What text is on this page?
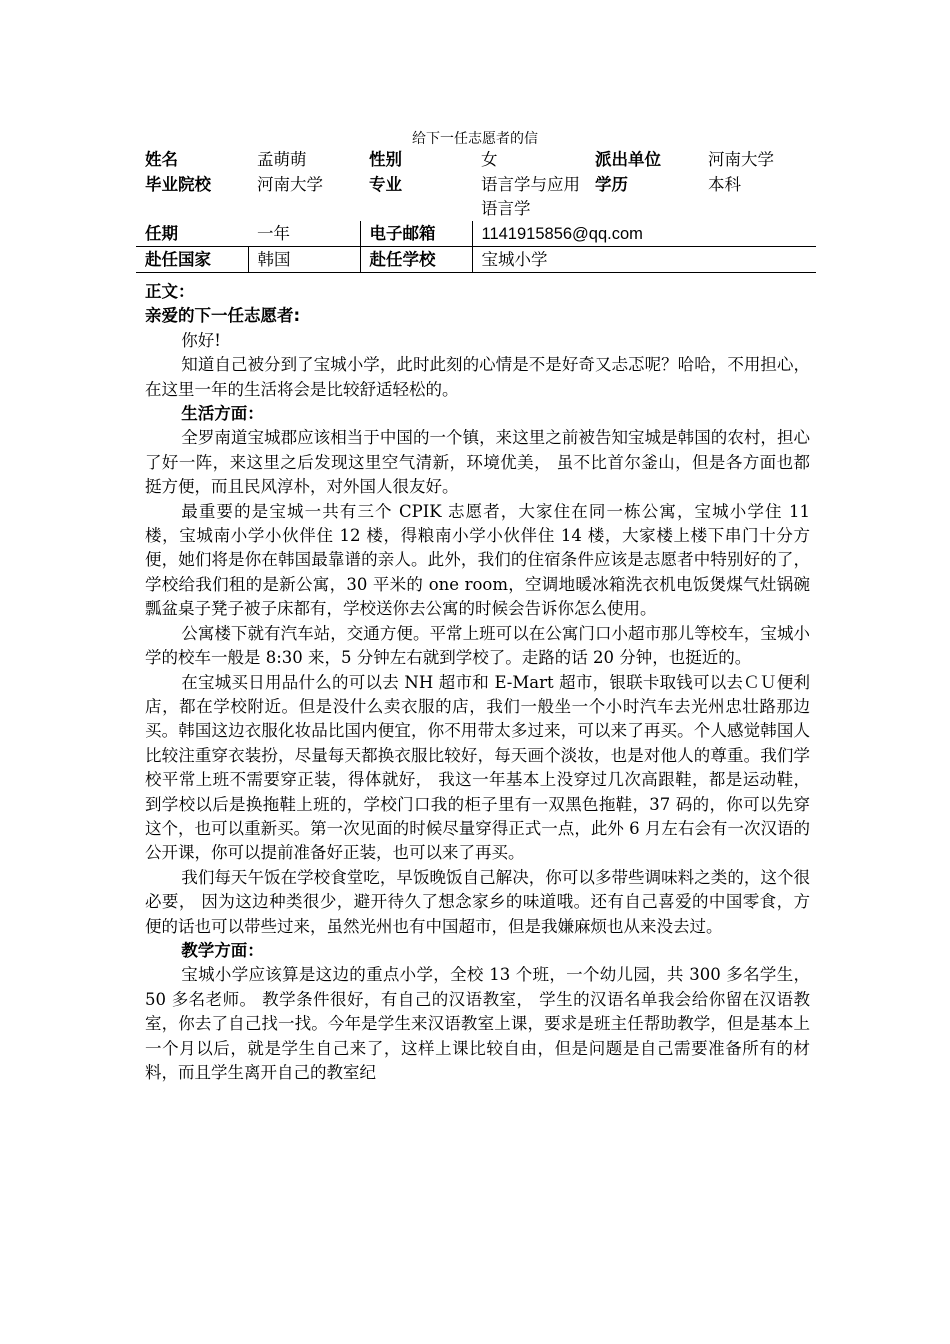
给下一任志愿者的信
姓名	孟萌萌	性别	女	派出单位	河南大学
毕业院校	河南大学	专业	语言学与应用语言学	学历	本科
任期	一年	电子邮箱	1141915856@qq.com		
赴任国家	韩国	赴任学校	宝城小学		

正文：

亲爱的下一任志愿者:

你好!

知道自己被分到了宝城小学，此时此刻的心情是不是好奇又忐忑呢？哈哈，不用担心，在这里一年的生活将会是比较舒适轻松的。

生活方面：

全罗南道宝城郡应该相当于中国的一个镇，来这里之前被告知宝城是韩国的农村，担心了好一阵，来这里之后发现这里空气清新，环境优美， 虽不比首尔釜山，但是各方面也都挺方便，而且民风淳朴，对外国人很友好。

最重要的是宝城一共有三个 CPIK 志愿者，大家住在同一栋公寓，宝城小学住 11 楼，宝城南小学小伙伴住 12 楼，得粮南小学小伙伴住 14 楼，大家楼上楼下串门十分方便，她们将是你在韩国最靠谱的亲人。此外，我们的住宿条件应该是志愿者中特别好的了，学校给我们租的是新公寓，30 平米的 one room，空调地暖冰箱洗衣机电饭煲煤气灶锅碗瓢盆桌子凳子被子床都有，学校送你去公寓的时候会告诉你怎么使用。

公寓楼下就有汽车站，交通方便。平常上班可以在公寓门口小超市那儿等校车，宝城小学的校车一般是 8:30 来，5 分钟左右就到学校了。走路的话 20 分钟，也挺近的。

在宝城买日用品什么的可以去 NH 超市和 E-Mart 超市，银联卡取钱可以去ＣＵ便利店，都在学校附近。但是没什么卖衣服的店，我们一般坐一个小时汽车去光州忠壮路那边买。韩国这边衣服化妆品比国内便宜，你不用带太多过来，可以来了再买。个人感觉韩国人比较注重穿衣装扮，尽量每天都换衣服比较好，每天画个淡妆，也是对他人的尊重。我们学校平常上班不需要穿正装，得体就好， 我这一年基本上没穿过几次高跟鞋，都是运动鞋，到学校以后是换拖鞋上班的，学校门口我的柜子里有一双黑色拖鞋，37 码的，你可以先穿这个，也可以重新买。第一次见面的时候尽量穿得正式一点，此外 6 月左右会有一次汉语的公开课，你可以提前准备好正装，也可以来了再买。

我们每天午饭在学校食堂吃，早饭晚饭自己解决，你可以多带些调味料之类的，这个很必要， 因为这边种类很少，避开待久了想念家乡的味道哦。还有自己喜爱的中国零食，方便的话也可以带些过来，虽然光州也有中国超市，但是我嫌麻烦也从来没去过。

教学方面：

宝城小学应该算是这边的重点小学，全校 13 个班，一个幼儿园，共 300 多名学生，50 多名老师。 教学条件很好，有自己的汉语教室， 学生的汉语名单我会给你留在汉语教室，你去了自己找一找。今年是学生来汉语教室上课，要求是班主任帮助教学，但是基本上一个月以后，就是学生自己来了，这样上课比较自由，但是问题是自己需要准备所有的材料，而且学生离开自己的教室纪
